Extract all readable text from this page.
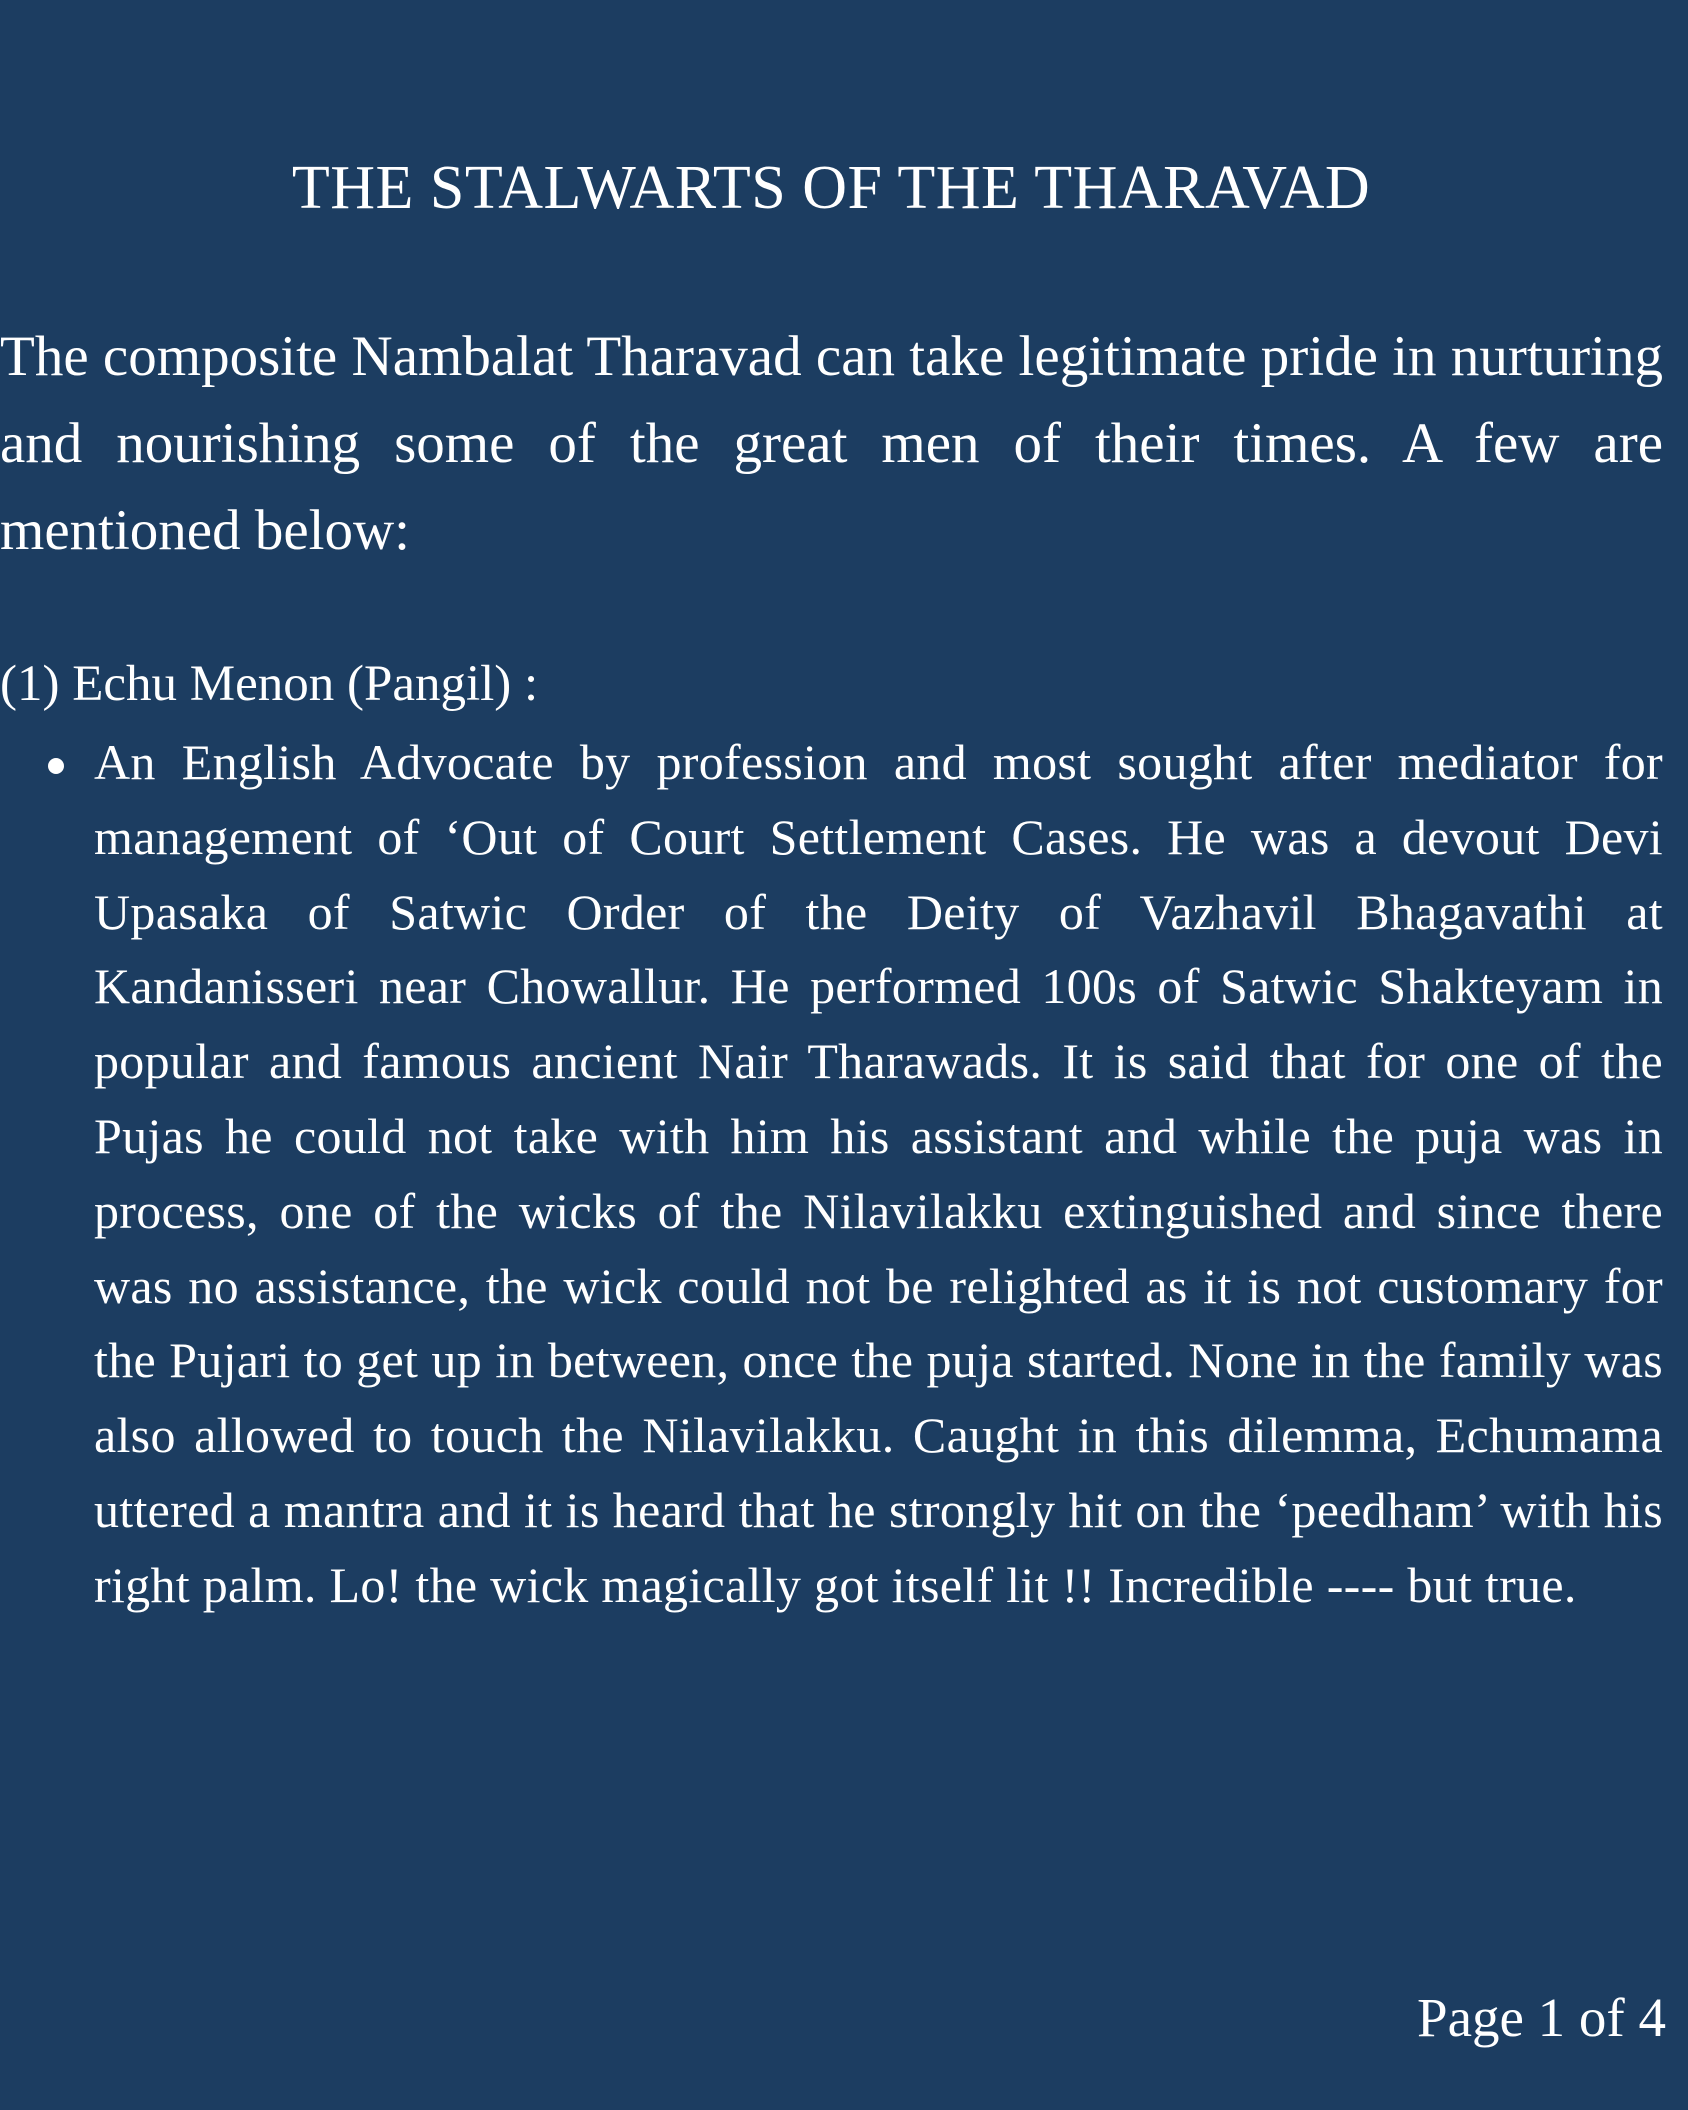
THE STALWARTS OF THE THARAVAD

The composite Nambalat Tharavad can take legitimate pride in nurturing and nourishing some of the great men of their times. A few are mentioned below:

(1) Echu Menon (Pangil) :

An English Advocate by profession and most sought after mediator for management of ‘Out of Court Settlement Cases. He was a devout Devi Upasaka of Satwic Order of the Deity of Vazhavil Bhagavathi at Kandanisseri near Chowallur. He performed 100s of Satwic Shakteyam in popular and famous ancient Nair Tharawads. It is said that for one of the Pujas he could not take with him his assistant and while the puja was in process, one of the wicks of the Nilavilakku extinguished and since there was no assistance, the wick could not be relighted as it is not customary for the Pujari to get up in between, once the puja started. None in the family was also allowed to touch the Nilavilakku. Caught in this dilemma, Echumama uttered a mantra and it is heard that he strongly hit on the ‘peedham’ with his right palm. Lo! the wick magically got itself lit !! Incredible ---- but true.

Page 1 of 4
